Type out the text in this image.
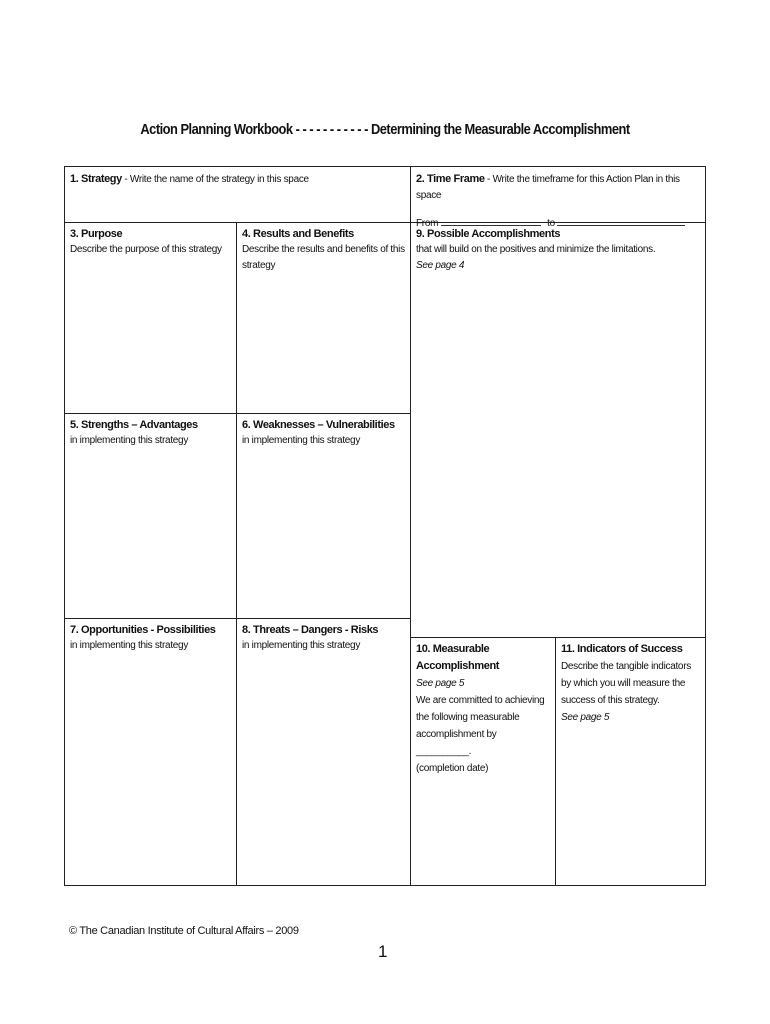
Action Planning Workbook - - - - - - - - - - - Determining the Measurable Accomplishment
1. Strategy - Write the name of the strategy in this space	2. Time Frame - Write the timeframe for this Action Plan in this space
From	to
3. Purpose
Describe the purpose of this strategy
4. Results and Benefits
Describe the results and benefits of this strategy
9. Possible Accomplishments
that will build on the positives and minimize the limitations.
See page 4
5. Strengths – Advantages
in implementing this strategy
6. Weaknesses – Vulnerabilities
in implementing this strategy
7. Opportunities - Possibilities
in implementing this strategy
8. Threats – Dangers - Risks
in implementing this strategy	10. Measurable
Accomplishment
See page 5
We are committed to achieving
the following measurable
accomplishment by __________.
(completion date)
11. Indicators of Success
Describe the tangible indicators by which you will measure the success of this strategy.
See page 5
© The Canadian Institute of Cultural Affairs – 2009
1
